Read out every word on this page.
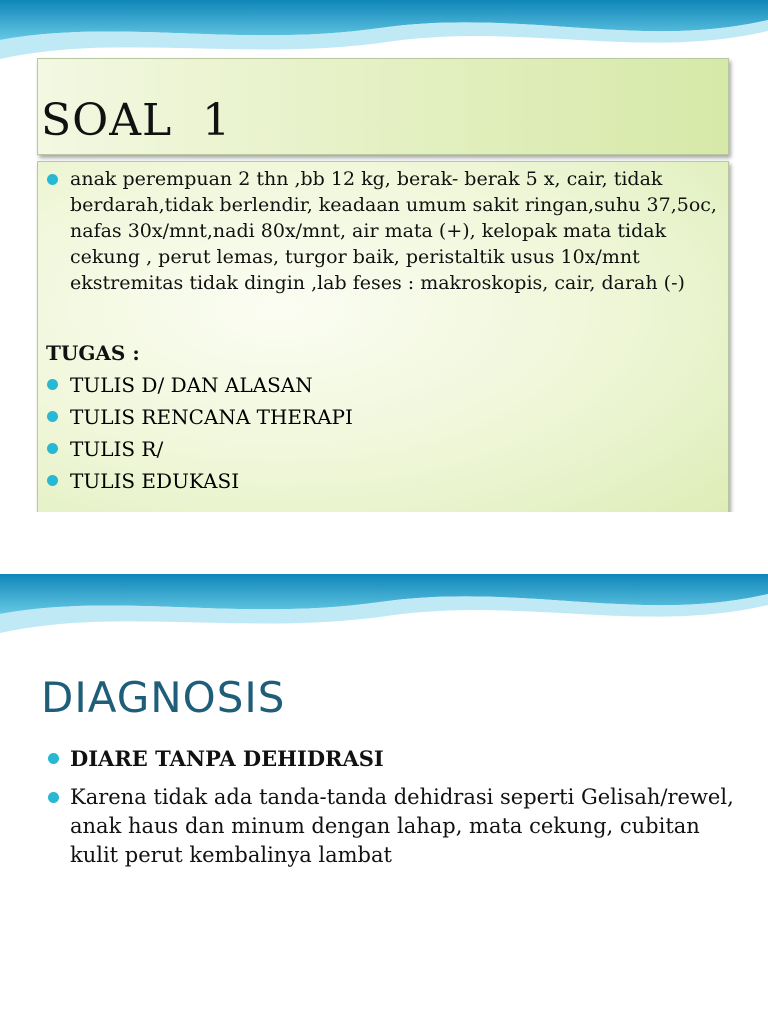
SOAL  1
anak perempuan 2 thn ,bb 12 kg, berak- berak 5 x, cair, tidak berdarah,tidak berlendir, keadaan umum sakit ringan,suhu 37,5oc, nafas 30x/mnt,nadi 80x/mnt, air mata (+), kelopak mata tidak cekung , perut lemas, turgor baik, peristaltik usus 10x/mnt ekstremitas tidak dingin ,lab feses : makroskopis, cair, darah (-)
TUGAS :
TULIS D/ DAN ALASAN
TULIS RENCANA THERAPI
TULIS R/
TULIS EDUKASI
DIAGNOSIS
DIARE TANPA DEHIDRASI
Karena tidak ada tanda-tanda dehidrasi seperti Gelisah/rewel, anak haus dan minum dengan lahap, mata cekung, cubitan kulit perut kembalinya lambat
